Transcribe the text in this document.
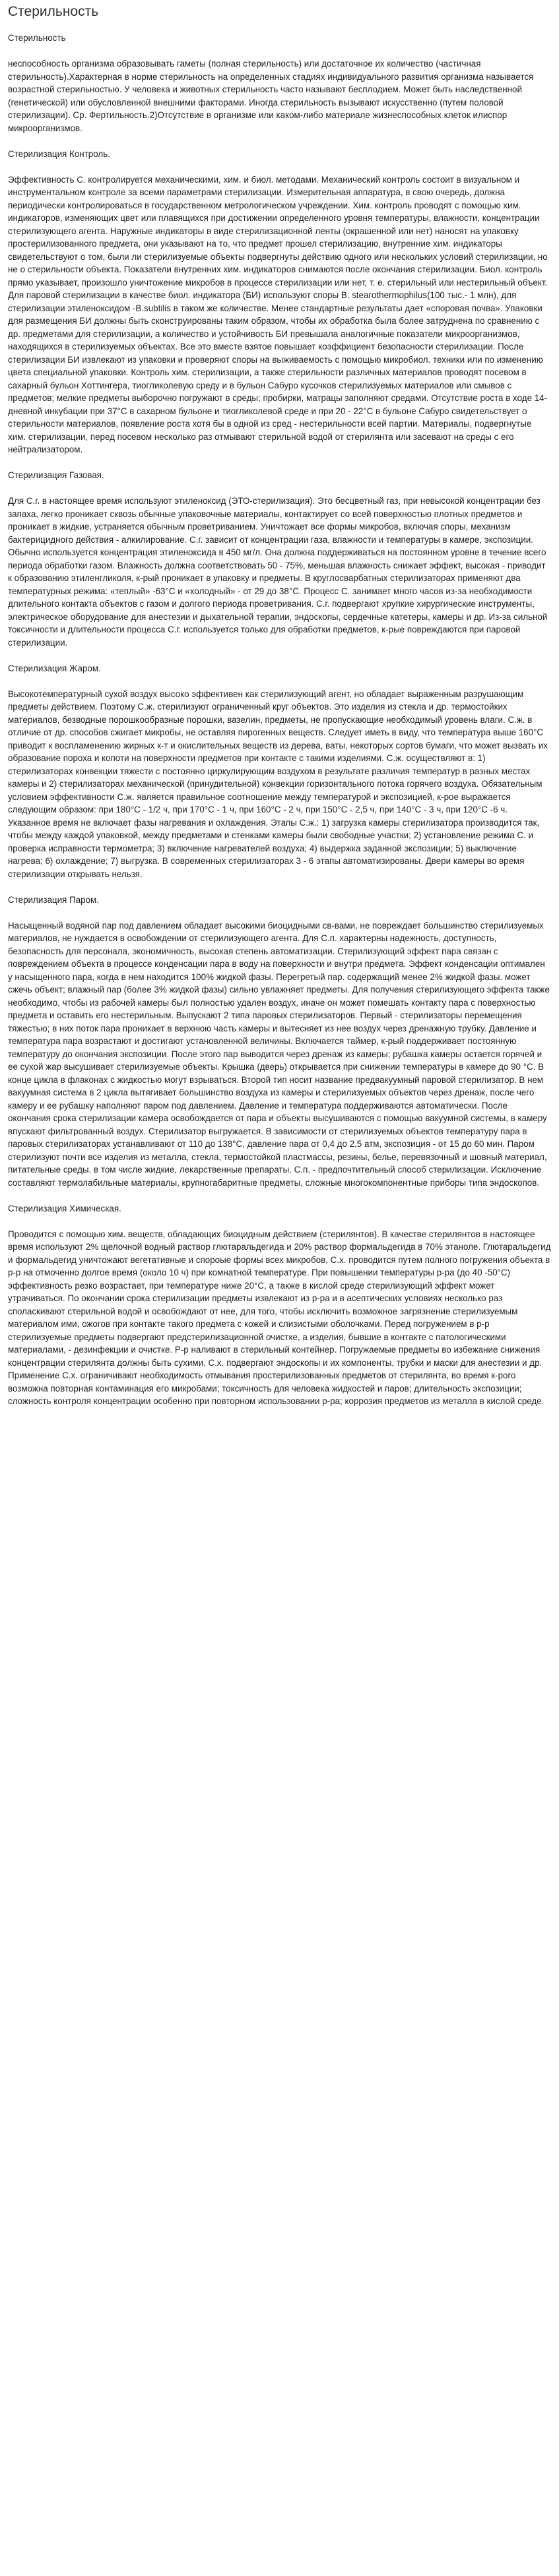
Стерильность
Стерильность
неспособность организма образовывать гаметы (полная стерильность) или достаточное их количество (частичная стерильность).Характерная в норме стерильность на определенных стадиях индивидуального развития организма называется возрастной стерильностью. У человека и животных стерильность часто называют бесплодием. Может быть наследственной (генетической) или обусловленной внешними факторами. Иногда стерильность вызывают искусственно (путем половой стерилизации). Ср. Фертильность.2)Отсутствие в организме или каком-либо материале жизнеспособных клеток илиспор микроорганизмов.
Стерилизация Контроль.
Эффективность С. контролируется механическими, хим. и биол. методами. Механический контроль состоит в визуальном и инструментальном контроле за всеми параметрами стерилизации. Измерительная аппаратура, в свою очередь, должна периодически контролироваться в государственном метрологическом учреждении. Хим. контроль проводят с помощью хим. индикаторов, изменяющих цвет или плавящихся при достижении определенного уровня температуры, влажности, концентрации стерилизующего агента. Наружные индикаторы в виде стерилизационной ленты (окрашенной или нет) наносят на упаковку простерилизованного предмета, они указывают на то, что предмет прошел стерилизацию, внутренние хим. индикаторы свидетельствуют о том, были ли стерилизуемые объекты подвергнуты действию одного или нескольких условий стерилизации, но не о стерильности объекта. Показатели внутренних хим. индикаторов снимаются после окончания стерилизации. Биол. контроль прямо указывает, произошло уничтожение микробов в процессе стерилизации или нет, т. е. стерильный или нестерильный объект. Для паровой стерилизации в качестве биол. индикатора (БИ) используют споры B. stearothermophilus(100 тыс.- 1 млн), для стерилизации этиленоксидом -B.subtilis в таком же количестве. Менее стандартные результаты дает «споровая почва». Упаковки для размещения БИ должны быть сконструированы таким образом, чтобы их обработка была более затруднена по сравнению с др. предметами для стерилизации, а количество и устойчивость БИ превышала аналогичные показатели микроорганизмов, находящихся в стерилизуемых объектах. Все это вместе взятое повышает коэффициент безопасности стерилизации. После стерилизации БИ извлекают из упаковки и проверяют споры на выживаемость с помощью микробиол. техники или по изменению цвета специальной упаковки. Контроль хим. стерилизации, а также стерильности различных материалов проводят посевом в сахарный бульон Хоттингера, тиогликолевую среду и в бульон Сабуро кусочков стерилизуемых материалов или смывов с предметов; мелкие предметы выборочно погружают в среды; пробирки, матрацы заполняют средами. Отсутствие роста в ходе 14-дневной инкубации при 37°С в сахарном бульоне и тиогликолевой среде и при 20 - 22°С в бульоне Сабуро свидетельствует о стерильности материалов, появление роста хотя бы в одной из сред - нестерильности всей партии. Материалы, подвергнутые хим. стерилизации, перед посевом несколько раз отмывают стерильной водой от стерилянта или засевают на среды с его нейтрализатором.
Стерилизация Газовая.
Для С.г. в настоящее время используют этиленоксид (ЭТО-стерилизация). Это бесцветный газ, при невысокой концентрации без запаха, легко проникает сквозь обычные упаковочные материалы, контактирует со всей поверхностью плотных предметов и проникает в жидкие, устраняется обычным проветриванием. Уничтожает все формы микробов, включая споры, механизм бактерицидного действия - алкилирование. С.г. зависит от концентрации газа, влажности и температуры в камере, экспозиции. Обычно используется концентрация этиленоксида в 450 мг/л. Она должна поддерживаться на постоянном уровне в течение всего периода обработки газом. Влажность должна соответствовать 50 - 75%, меньшая влажность снижает эффект, высокая - приводит к образованию этиленгликоля, к-рый проникает в упаковку и предметы. В круглосварбатных стерилизаторах применяют два температурных режима: «теплый» -63°С и «холодный» - от 29 до 38°С. Процесс С. занимает много часов из-за необходимости длительного контакта объектов с газом и долгого периода проветривания. С.г. подвергают хрупкие хирургические инструменты, электрическое оборудование для анестезии и дыхательной терапии, эндоскопы, сердечные катетеры, камеры и др. Из-за сильной токсичности и длительности процесса С.г. используется только для обработки предметов, к-рые повреждаются при паровой стерилизации.
Стерилизация Жаром.
Высокотемпературный сухой воздух высоко эффективен как стерилизующий агент, но обладает выраженным разрушающим предметы действием. Поэтому С.ж. стерилизуют ограниченный круг объектов. Это изделия из стекла и др. термостойких материалов, безводные порошкообразные порошки, вазелин, предметы, не пропускающие необходимый уровень влаги. С.ж. в отличие от др. способов сжигает микробы, не оставляя пирогенных веществ. Следует иметь в виду, что температура выше 160°С приводит к воспламенению жирных к-т и окислительных веществ из дерева, ваты, некоторых сортов бумаги, что может вызвать их образование пороха и копоти на поверхности предметов при контакте с такими изделиями. С.ж. осуществляют в: 1) стерилизаторах конвекции тяжести с постоянно циркулирующим воздухом в результате различия температур в разных местах камеры и 2) стерилизаторах механической (принудительной) конвекции горизонтального потока горячего воздуха. Обязательным условием эффективности С.ж. является правильное соотношение между температурой и экспозицией, к-рое выражается следующим образом: при 180°С - 1/2 ч, при 170°С - 1 ч, при 160°С - 2 ч, при 150°С - 2,5 ч, при 140°С - 3 ч, при 120°С -6 ч. Указанное время не включает фазы нагревания и охлаждения. Этапы С.ж.: 1) загрузка камеры стерилизатора производится так, чтобы между каждой упаковкой, между предметами и стенками камеры были свободные участки; 2) установление режима С. и проверка исправности термометра; 3) включение нагревателей воздуха; 4) выдержка заданной экспозиции; 5) выключение нагрева; 6) охлаждение; 7) выгрузка. В современных стерилизаторах 3 - 6 этапы автоматизированы. Двери камеры во время стерилизации открывать нельзя.
Стерилизация Паром.
Насыщенный водяной пар под давлением обладает высокими биоцидными св-вами, не повреждает большинство стерилизуемых материалов, не нуждается в освобождении от стерилизующего агента. Для С.п. характерны надежность, доступность, безопасность для персонала, экономичность, высокая степень автоматизации. Стерилизующий эффект пара связан с повреждением объекта в процессе конденсации пара в воду на поверхности и внутри предмета. Эффект конденсации оптимален у насыщенного пара, когда в нем находится 100% жидкой фазы. Перегретый пар. содержащий менее 2% жидкой фазы. может сжечь объект; влажный пар (более 3% жидкой фазы) сильно увлажняет предметы. Для получения стерилизующего эффекта также необходимо, чтобы из рабочей камеры был полностью удален воздух, иначе он может помешать контакту пара с поверхностью предмета и оставить его нестерильным. Выпускают 2 типа паровых стерилизаторов. Первый - стерилизаторы перемещения тяжестью; в них поток пара проникает в верхнюю часть камеры и вытесняет из нее воздух через дренажную трубку. Давление и температура пара возрастают и достигают установленной величины. Включается таймер, к-рый поддерживает постоянную температуру до окончания экспозиции. После этого пар выводится через дренаж из камеры; рубашка камеры остается горячей и ее сухой жар высушивает стерилизуемые объекты. Крышка (дверь) открывается при снижении температуры в камере до 90 °С. В конце цикла в флаконах с жидкостью могут взрываться. Второй тип носит название предвакуумный паровой стерилизатор. В нем вакуумная система в 2 цикла вытягивает большинство воздуха из камеры и стерилизуемых объектов через дренаж, после чего камеру и ее рубашку наполняют паром под давлением. Давление и температура поддерживаются автоматически. После окончания срока стерилизации камера освобождается от пара и объекты высушиваются с помощью вакуумной системы, в камеру впускают фильтрованный воздух. Стерилизатор выгружается. В зависимости от стерилизуемых объектов температуру пара в паровых стерилизаторах устанавливают от 110 до 138°С, давление пара от 0,4 до 2,5 атм, экспозиция - от 15 до 60 мин. Паром стерилизуют почти все изделия из металла, стекла, термостойкой пластмассы, резины, белье, перевязочный и шовный материал, питательные среды. в том числе жидкие, лекарственные препараты. С.п. - предпочтительный способ стерилизации. Исключение составляют термолабильные материалы, крупногабаритные предметы, сложные многокомпонентные приборы типа эндоскопов.
Стерилизация Химическая.
Проводится с помощью хим. веществ, обладающих биоцидным действием (стерилянтов). В качестве стерилянтов в настоящее время используют 2% щелочной водный раствор глютаральдегида и 20% раствор формальдегида в 70% этаноле. Глютаральдегид и формальдегид уничтожают вегетативные и спороые формы всех микробов, С.х. проводится путем полного погружения объекта в р-р на отмоченно долгое время (около 10 ч) при комнатной температуре. При повышении температуры р-ра (до 40 -50°С) эффективность резко возрастает, при температуре ниже 20°С, а также в кислой среде стерилизующий эффект может утрачиваться. По окончании срока стерилизации предметы извлекают из р-ра и в асептических условиях несколько раз споласкивают стерильной водой и освобождают от нее, для того, чтобы исключить возможное загрязнение стерилизуемым материалом ими, ожогов при контакте такого предмета с кожей и слизистыми оболочками. Перед погружением в р-р стерилизуемые предметы подвергают предстерилизационной очистке, а изделия, бывшие в контакте с патологическими материалами, - дезинфекции и очистке. Р-р наливают в стерильный контейнер. Погружаемые предметы во избежание снижения концентрации стерилянта должны быть сухими. С.х. подвергают эндоскопы и их компоненты, трубки и маски для анестезии и др. Применение С.х. ограничивают необходимость отмывания простерилизованных предметов от стерилянта, во время к-рого возможна повторная контаминация его микробами; токсичность для человека жидкостей и паров; длительность экспозиции; сложность контроля концентрации особенно при повторном использовании р-ра; коррозия предметов из металла в кислой среде.
